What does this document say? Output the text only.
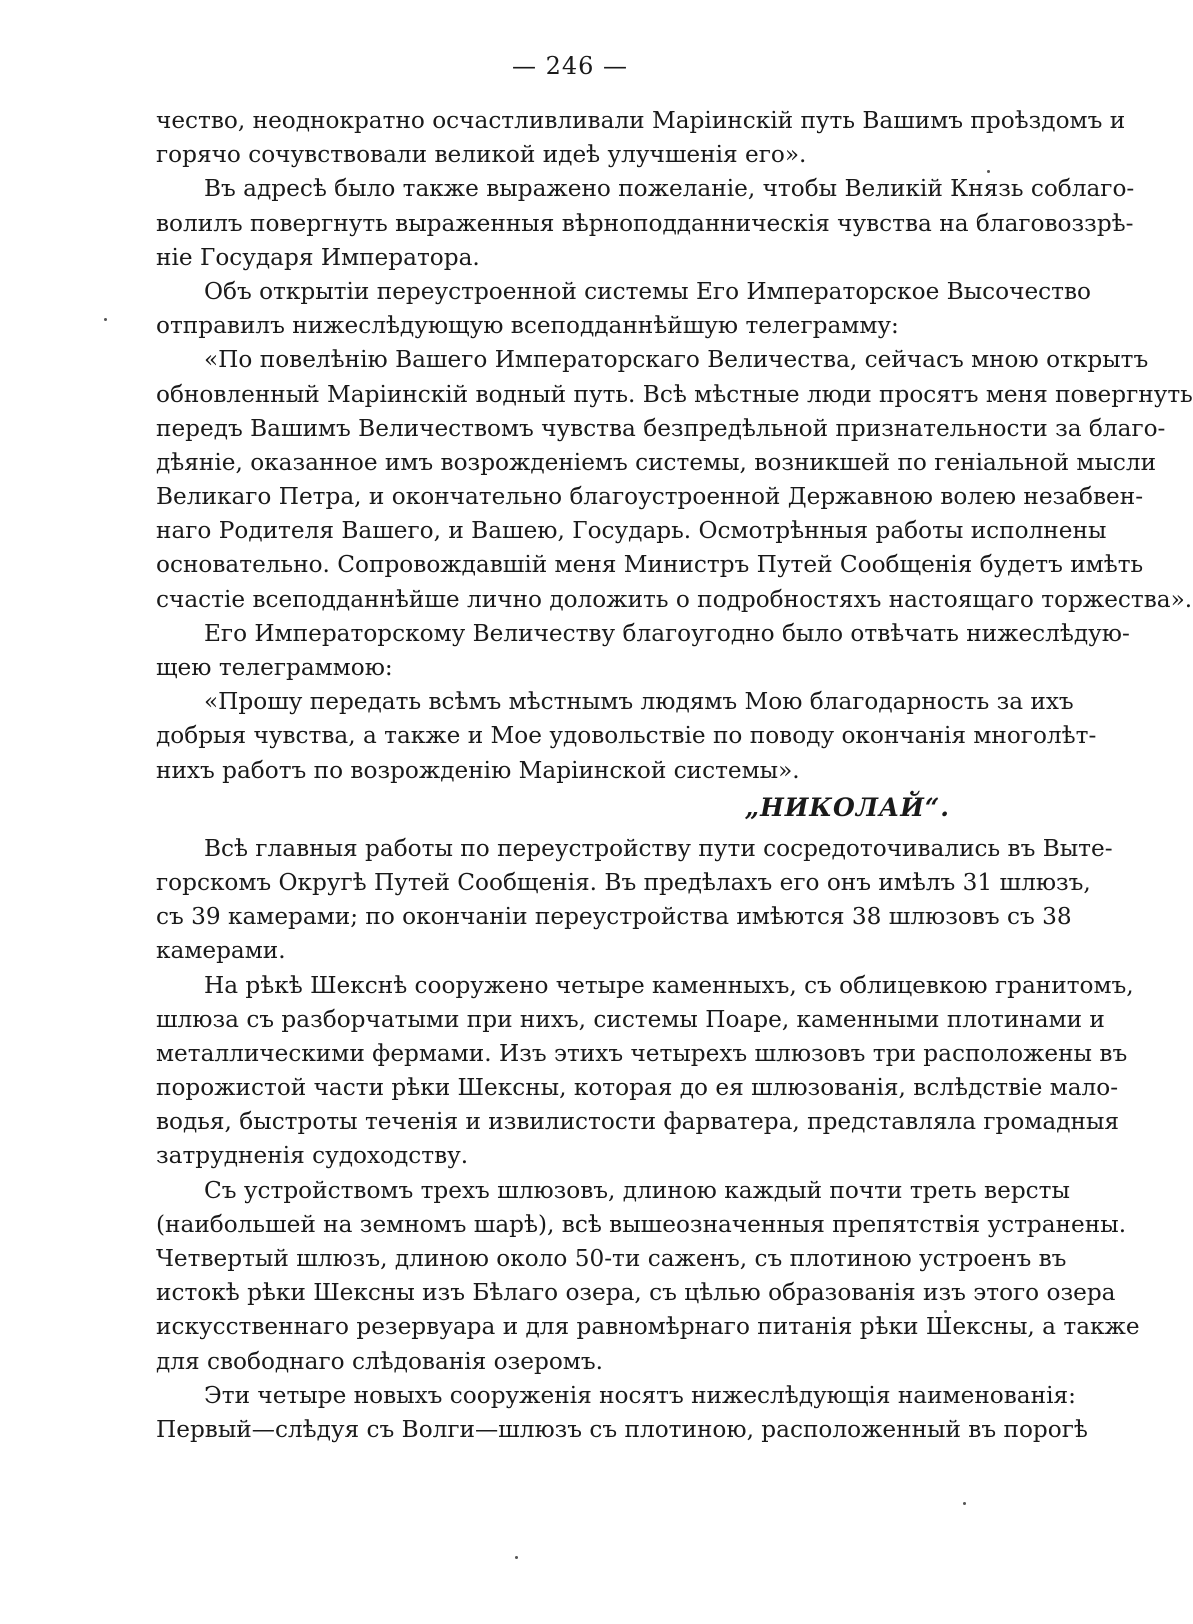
— 246 —
чество, неоднократно осчастливливали Маріинскій путь Вашимъ проѣздомъ и
горячо сочувствовали великой идеѣ улучшенія его».
Въ адресѣ было также выражено пожеланіе, чтобы Великій Князь соблаго-
волилъ повергнуть выраженныя вѣрноподданническія чувства на благовоззрѣ-
ніе Государя Императора.
Объ открытіи переустроенной системы Его Императорское Высочество
отправилъ нижеслѣдующую всеподданнѣйшую телеграмму:
«По повелѣнію Вашего Императорскаго Величества, сейчасъ мною открытъ
обновленный Маріинскій водный путь. Всѣ мѣстные люди просятъ меня повергнуть
передъ Вашимъ Величествомъ чувства безпредѣльной признательности за благо-
дѣяніе, оказанное имъ возрожденіемъ системы, возникшей по геніальной мысли
Великаго Петра, и окончательно благоустроенной Державною волею незабвен-
наго Родителя Вашего, и Вашею, Государь. Осмотрѣнныя работы исполнены
основательно. Сопровождавшій меня Министръ Путей Сообщенія будетъ имѣть
счастіе всеподданнѣйше лично доложить о подробностяхъ настоящаго торжества».
Его Императорскому Величеству благоугодно было отвѣчать нижеслѣдую-
щею телеграммою:
«Прошу передать всѣмъ мѣстнымъ людямъ Мою благодарность за ихъ
добрыя чувства, а также и Мое удовольствіе по поводу окончанія многолѣт-
нихъ работъ по возрожденію Маріинской системы».
„НИКОЛАЙ“.
Всѣ главныя работы по переустройству пути сосредоточивались въ Выте-
горскомъ Округѣ Путей Сообщенія. Въ предѣлахъ его онъ имѣлъ 31 шлюзъ,
съ 39 камерами; по окончаніи переустройства имѣются 38 шлюзовъ съ 38
камерами.
На рѣкѣ Шекснѣ сооружено четыре каменныхъ, съ облицевкою гранитомъ,
шлюза съ разборчатыми при нихъ, системы Поаре, каменными плотинами и
металлическими фермами. Изъ этихъ четырехъ шлюзовъ три расположены въ
порожистой части рѣки Шексны, которая до ея шлюзованія, вслѣдствіе мало-
водья, быстроты теченія и извилистости фарватера, представляла громадныя
затрудненія судоходству.
Съ устройствомъ трехъ шлюзовъ, длиною каждый почти треть версты
(наибольшей на земномъ шарѣ), всѣ вышеозначенныя препятствія устранены.
Четвертый шлюзъ, длиною около 50-ти саженъ, съ плотиною устроенъ въ
истокѣ рѣки Шексны изъ Бѣлаго озера, съ цѣлью образованія изъ этого озера
искусственнаго резервуара и для равномѣрнаго питанія рѣки Шексны, а также
для свободнаго слѣдованія озеромъ.
Эти четыре новыхъ сооруженія носятъ нижеслѣдующія наименованія:
Первый—слѣдуя съ Волги—шлюзъ съ плотиною, расположенный въ порогѣ
